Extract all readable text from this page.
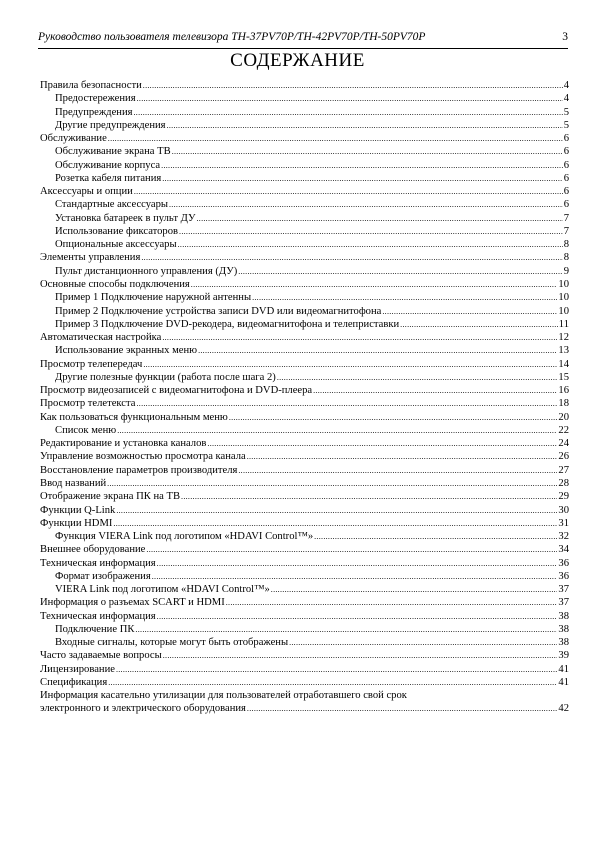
Руководство пользователя телевизора TH-37PV70P/TH-42PV70P/TH-50PV70P	3
СОДЕРЖАНИЕ
Правила безопасности .....	4
Предостережения .....	4
Предупреждения .....	5
Другие предупреждения .....	5
Обслуживание .....	6
Обслуживание экрана ТВ .....	6
Обслуживание корпуса .....	6
Розетка кабеля питания .....	6
Аксессуары и опции .....	6
Стандартные аксессуары .....	6
Установка батареек в пульт ДУ .....	7
Использование фиксаторов .....	7
Опциональные аксессуары .....	8
Элементы управления .....	8
Пульт дистанционного управления (ДУ) .....	9
Основные способы подключения .....	10
Пример 1 Подключение наружной антенны .....	10
Пример 2 Подключение устройства записи DVD или видеомагнитофона .....	10
Пример 3 Подключение DVD-рекодера, видеомагнитофона и телеприставки .....	11
Автоматическая настройка .....	12
Использование экранных меню .....	13
Просмотр телепередач .....	14
Другие полезные функции (работа после шага 2) .....	15
Просмотр видеозаписей с видеомагнитофона и DVD-плеера .....	16
Просмотр телетекста .....	18
Как пользоваться функциональным меню .....	20
Список меню .....	22
Редактирование и установка каналов .....	24
Управление возможностью просмотра канала .....	26
Восстановление параметров производителя .....	27
Ввод названий .....	28
Отображение экрана ПК на ТВ .....	29
Функции Q-Link .....	30
Функции HDMI .....	31
Функция VIERA Link под логотипом «HDAVI Control™» .....	32
Внешнее оборудование .....	34
Техническая информация .....	36
Формат изображения .....	36
VIERA Link под логотипом «HDAVI Control™» .....	37
Информация о разъемах SCART и HDMI .....	37
Техническая информация .....	38
Подключение ПК .....	38
Входные сигналы, которые могут быть отображены .....	38
Часто задаваемые вопросы .....	39
Лицензирование .....	41
Спецификация .....	41
Информация касательно утилизации для пользователей отработавшего свой срок
электронного и электрического оборудования .....	42
